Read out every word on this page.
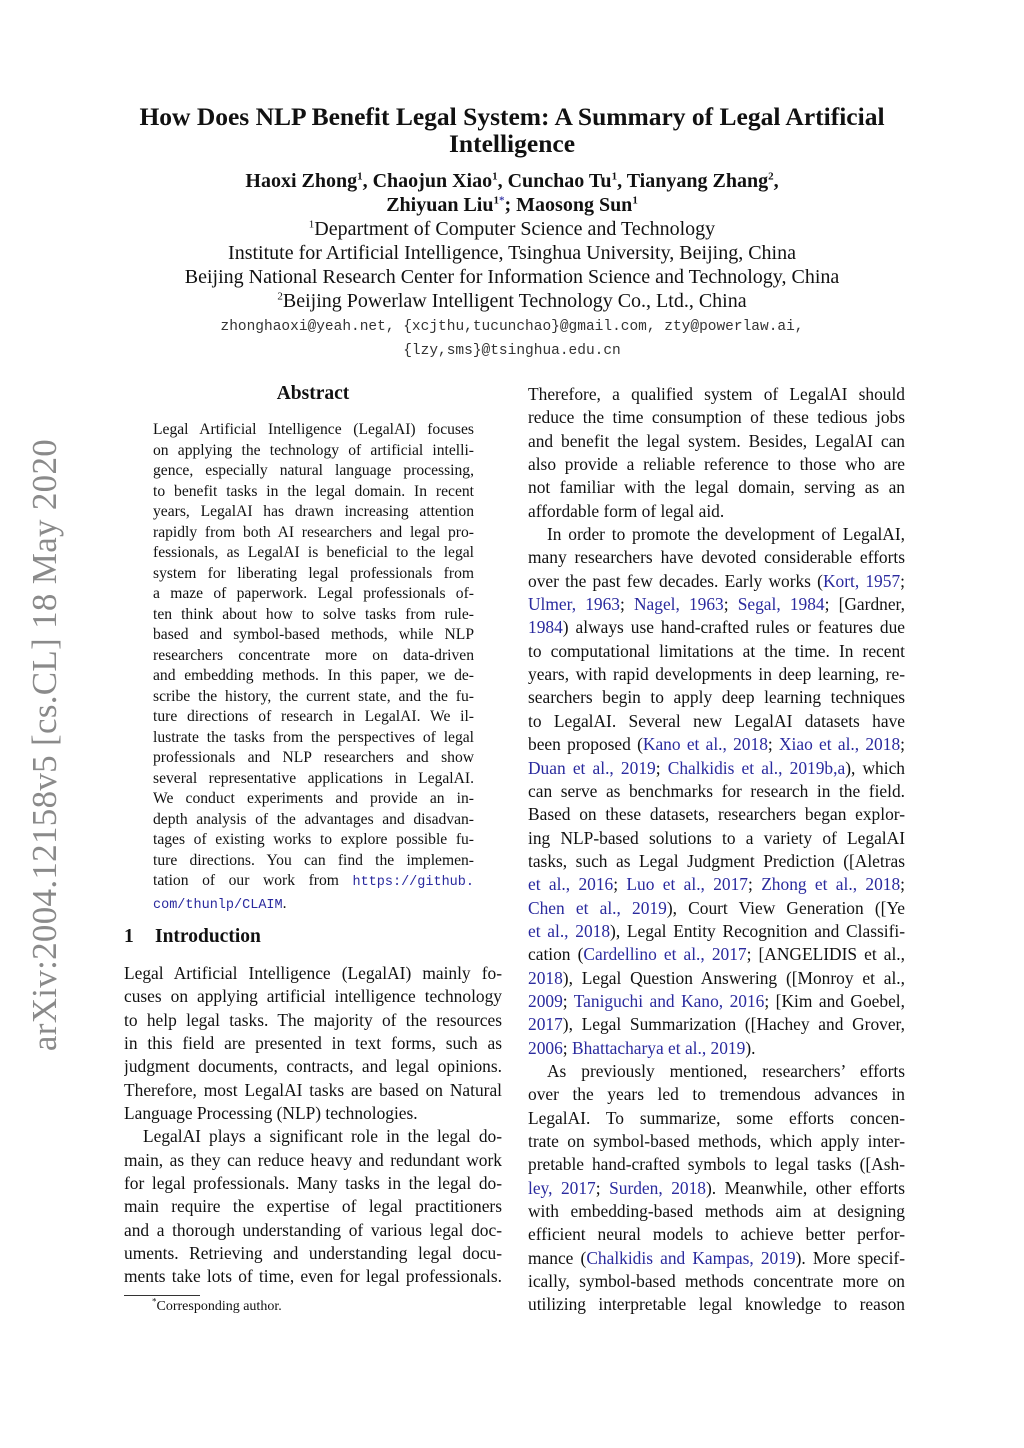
arXiv:2004.12158v5 [cs.CL] 18 May 2020
How Does NLP Benefit Legal System: A Summary of Legal Artificial
Intelligence
Haoxi Zhong$^1$, Chaojun Xiao$^1$, Cunchao Tu$^1$, Tianyang Zhang$^2$,
Zhiyuan Liu$^{1*}$; Maosong Sun$^1$
$^1$Department of Computer Science and Technology
Institute for Artificial Intelligence, Tsinghua University, Beijing, China
Beijing National Research Center for Information Science and Technology, China
$^2$Beijing Powerlaw Intelligent Technology Co., Ltd., China
zhonghaoxi@yeah.net, {xcjthu,tucunchao}@gmail.com, zty@powerlaw.ai,
{lzy,sms}@tsinghua.edu.cn
Abstract
Legal Artificial Intelligence (LegalAI) focuses
on applying the technology of artificial intelli-
gence, especially natural language processing,
to benefit tasks in the legal domain. In recent
years, LegalAI has drawn increasing attention
rapidly from both AI researchers and legal pro-
fessionals, as LegalAI is beneficial to the legal
system for liberating legal professionals from
a maze of paperwork. Legal professionals of-
ten think about how to solve tasks from rule-
based and symbol-based methods, while NLP
researchers concentrate more on data-driven
and embedding methods. In this paper, we de-
scribe the history, the current state, and the fu-
ture directions of research in LegalAI. We il-
lustrate the tasks from the perspectives of legal
professionals and NLP researchers and show
several representative applications in LegalAI.
We conduct experiments and provide an in-
depth analysis of the advantages and disadvan-
tages of existing works to explore possible fu-
ture directions. You can find the implemen-
tation of our work from https://github.
com/thunlp/CLAIM.
1 Introduction
Legal Artificial Intelligence (LegalAI) mainly fo-
cuses on applying artificial intelligence technology
to help legal tasks. The majority of the resources
in this field are presented in text forms, such as
judgment documents, contracts, and legal opinions.
Therefore, most LegalAI tasks are based on Natural
Language Processing (NLP) technologies.
LegalAI plays a significant role in the legal do-
main, as they can reduce heavy and redundant work
for legal professionals. Many tasks in the legal do-
main require the expertise of legal practitioners
and a thorough understanding of various legal doc-
uments. Retrieving and understanding legal docu-
ments take lots of time, even for legal professionals.
*Corresponding author.
Therefore, a qualified system of LegalAI should
reduce the time consumption of these tedious jobs
and benefit the legal system. Besides, LegalAI can
also provide a reliable reference to those who are
not familiar with the legal domain, serving as an
affordable form of legal aid.
In order to promote the development of LegalAI,
many researchers have devoted considerable efforts
over the past few decades. Early works (Kort, 1957;
Ulmer, 1963; Nagel, 1963; Segal, 1984; [Gardner,
1984) always use hand-crafted rules or features due
to computational limitations at the time. In recent
years, with rapid developments in deep learning, re-
searchers begin to apply deep learning techniques
to LegalAI. Several new LegalAI datasets have
been proposed (Kano et al., 2018; Xiao et al., 2018;
Duan et al., 2019; Chalkidis et al., 2019b,a), which
can serve as benchmarks for research in the field.
Based on these datasets, researchers began explor-
ing NLP-based solutions to a variety of LegalAI
tasks, such as Legal Judgment Prediction ([Aletras
et al., 2016; Luo et al., 2017; Zhong et al., 2018;
Chen et al., 2019), Court View Generation ([Ye
et al., 2018), Legal Entity Recognition and Classifi-
cation (Cardellino et al., 2017; [ANGELIDIS et al.,
2018), Legal Question Answering ([Monroy et al.,
2009; Taniguchi and Kano, 2016; [Kim and Goebel,
2017), Legal Summarization ([Hachey and Grover,
2006; Bhattacharya et al., 2019).
As previously mentioned, researchers’ efforts
over the years led to tremendous advances in
LegalAI. To summarize, some efforts concen-
trate on symbol-based methods, which apply inter-
pretable hand-crafted symbols to legal tasks ([Ash-
ley, 2017; Surden, 2018). Meanwhile, other efforts
with embedding-based methods aim at designing
efficient neural models to achieve better perfor-
mance (Chalkidis and Kampas, 2019). More specif-
ically, symbol-based methods concentrate more on
utilizing interpretable legal knowledge to reason
